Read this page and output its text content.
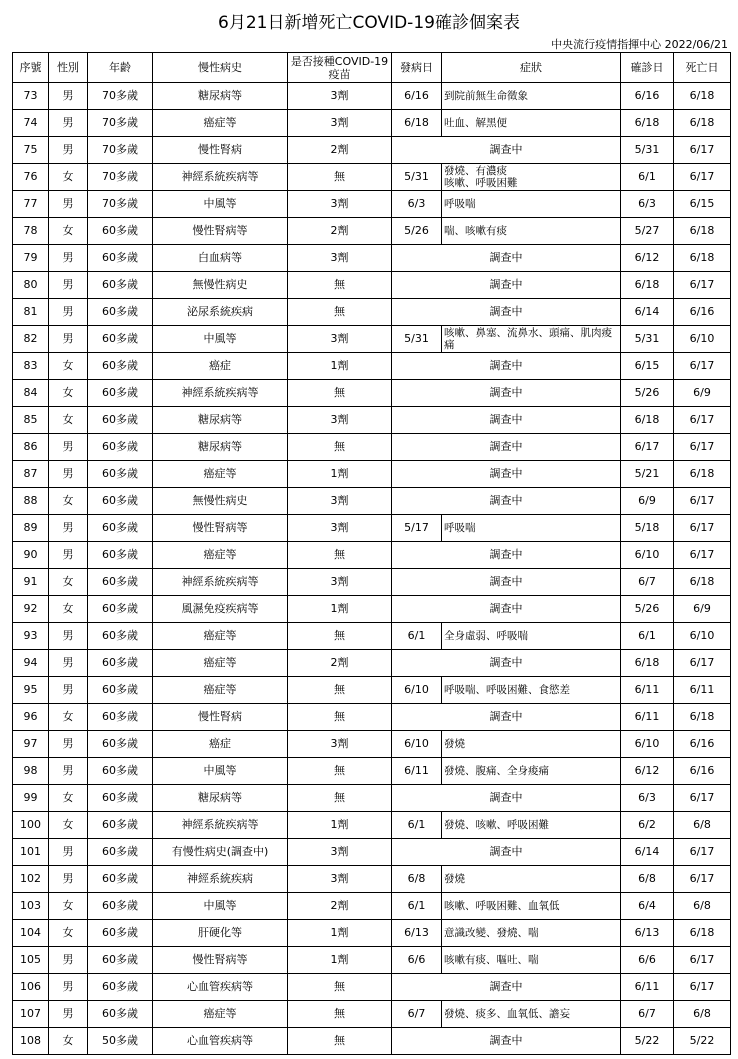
6月21日新增死亡COVID-19確診個案表
中央流行疫情指揮中心 2022/06/21
序號	性別	年齡	慢性病史	是否接種COVID-19疫苗	發病日	症狀	確診日	死亡日
73	男	70多歲	糖尿病等	3劑	6/16	到院前無生命徵象	6/16	6/18
74	男	70多歲	癌症等	3劑	6/18	吐血、解黑便	6/18	6/18
75	男	70多歲	慢性腎病	2劑	調查中		5/31	6/17
76	女	70多歲	神經系統疾病等	無	5/31	發燒、有濃痰
咳嗽、呼吸困難	6/1	6/17
77	男	70多歲	中風等	3劑	6/3	呼吸喘	6/3	6/15
78	女	60多歲	慢性腎病等	2劑	5/26	喘、咳嗽有痰	5/27	6/18
79	男	60多歲	白血病等	3劑	調查中		6/12	6/18
80	男	60多歲	無慢性病史	無	調查中		6/18	6/17
81	男	60多歲	泌尿系統疾病	無	調查中		6/14	6/16
82	男	60多歲	中風等	3劑	5/31	咳嗽、鼻塞、流鼻水、頭痛、肌肉痠痛	5/31	6/10
83	女	60多歲	癌症	1劑	調查中		6/15	6/17
84	女	60多歲	神經系統疾病等	無	調查中		5/26	6/9
85	女	60多歲	糖尿病等	3劑	調查中		6/18	6/17
86	男	60多歲	糖尿病等	無	調查中		6/17	6/17
87	男	60多歲	癌症等	1劑	調查中		5/21	6/18
88	女	60多歲	無慢性病史	3劑	調查中		6/9	6/17
89	男	60多歲	慢性腎病等	3劑	5/17	呼吸喘	5/18	6/17
90	男	60多歲	癌症等	無	調查中		6/10	6/17
91	女	60多歲	神經系統疾病等	3劑	調查中		6/7	6/18
92	女	60多歲	風濕免疫疾病等	1劑	調查中		5/26	6/9
93	男	60多歲	癌症等	無	6/1	全身虛弱、呼吸喘	6/1	6/10
94	男	60多歲	癌症等	2劑	調查中		6/18	6/17
95	男	60多歲	癌症等	無	6/10	呼吸喘、呼吸困難、食慾差	6/11	6/11
96	女	60多歲	慢性腎病	無	調查中		6/11	6/18
97	男	60多歲	癌症	3劑	6/10	發燒	6/10	6/16
98	男	60多歲	中風等	無	6/11	發燒、腹痛、全身痠痛	6/12	6/16
99	女	60多歲	糖尿病等	無	調查中		6/3	6/17
100	女	60多歲	神經系統疾病等	1劑	6/1	發燒、咳嗽、呼吸困難	6/2	6/8
101	男	60多歲	有慢性病史(調查中)	3劑	調查中		6/14	6/17
102	男	60多歲	神經系統疾病	3劑	6/8	發燒	6/8	6/17
103	女	60多歲	中風等	2劑	6/1	咳嗽、呼吸困難、血氧低	6/4	6/8
104	女	60多歲	肝硬化等	1劑	6/13	意識改變、發燒、喘	6/13	6/18
105	男	60多歲	慢性腎病等	1劑	6/6	咳嗽有痰、嘔吐、喘	6/6	6/17
106	男	60多歲	心血管疾病等	無	調查中		6/11	6/17
107	男	60多歲	癌症等	無	6/7	發燒、痰多、血氧低、譫妄	6/7	6/8
108	女	50多歲	心血管疾病等	無	調查中		5/22	5/22
